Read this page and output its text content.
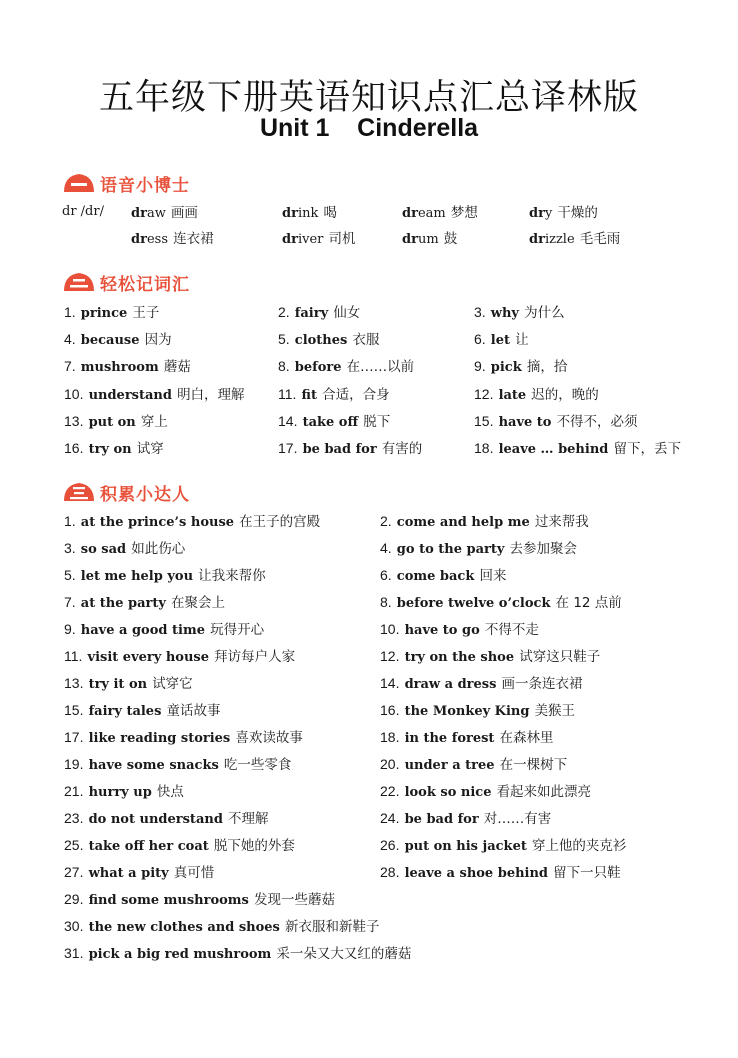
五年级下册英语知识点汇总译林版
Unit 1    Cinderella
语音小博士
dr /dr/ draw 画画	drink 喝	dream 梦想	dry 干燥的
dress 连衣裙	driver 司机	drum 鼓	drizzle 毛毛雨
轻松记词汇
1. prince 王子	2. fairy 仙女	3. why 为什么
4. because 因为	5. clothes 衣服	6. let 让
7. mushroom 蘑菇	8. before 在……以前	9. pick 摘，拾
10. understand 明白，理解 11. fit 合适，合身	12. late 迟的，晚的
13. put on 穿上	14. take off 脱下	15. have to 不得不，必须
16. try on 试穿	17. be bad for 有害的	18. leave … behind 留下，丢下
积累小达人
1. at the prince’s house 在王子的宫殿	2. come and help me 过来帮我
3. so sad 如此伤心	4. go to the party 去参加聚会
5. let me help you 让我来帮你	6. come back 回来
7. at the party 在聚会上	8. before twelve o’clock 在 12 点前
9. have a good time 玩得开心	10. have to go 不得不走
11. visit every house 拜访每户人家	12. try on the shoe 试穿这只鞋子
13. try it on 试穿它	14. draw a dress 画一条连衣裙
15. fairy tales 童话故事	16. the Monkey King 美猴王
17. like reading stories 喜欢读故事	18. in the forest 在森林里
19. have some snacks 吃一些零食	20. under a tree 在一棵树下
21. hurry up 快点	22. look so nice 看起来如此漂亮
23. do not understand 不理解	24. be bad for 对……有害
25. take off her coat 脱下她的外套	26. put on his jacket 穿上他的夹克衫
27. what a pity 真可惜	28. leave a shoe behind 留下一只鞋
29. find some mushrooms 发现一些蘑菇
30. the new clothes and shoes 新衣服和新鞋子
31. pick a big red mushroom 采一朵又大又红的蘑菇
